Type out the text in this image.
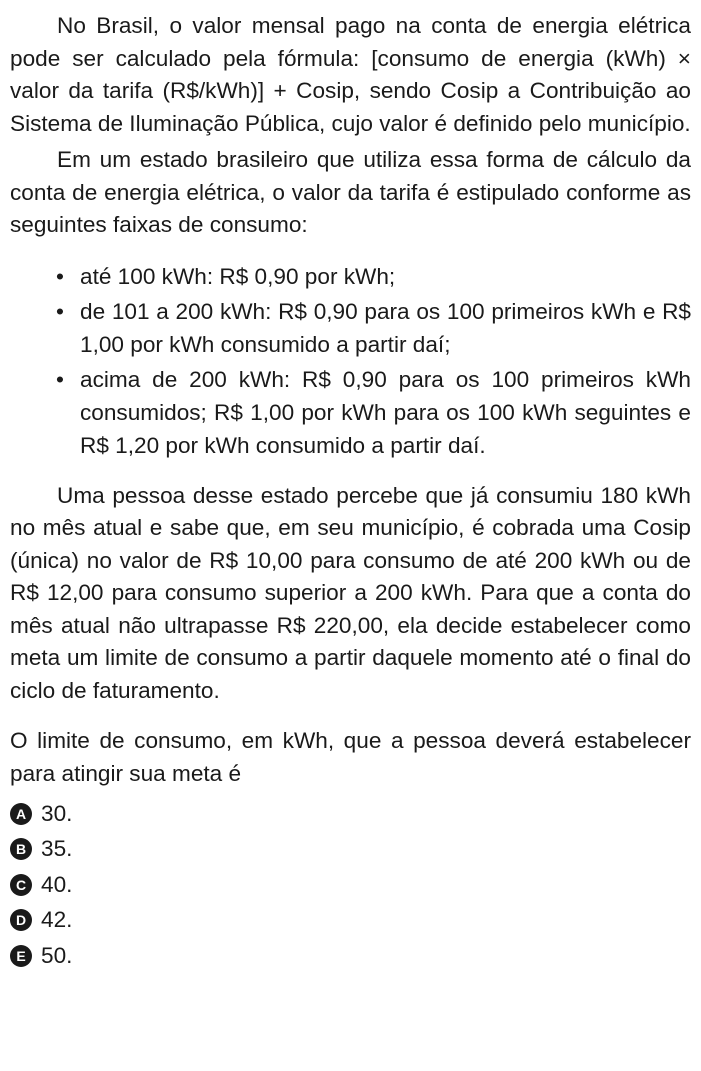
No Brasil, o valor mensal pago na conta de energia elétrica pode ser calculado pela fórmula: [consumo de energia (kWh) × valor da tarifa (R$/kWh)] + Cosip, sendo Cosip a Contribuição ao Sistema de Iluminação Pública, cujo valor é definido pelo município.

Em um estado brasileiro que utiliza essa forma de cálculo da conta de energia elétrica, o valor da tarifa é estipulado conforme as seguintes faixas de consumo:

• até 100 kWh: R$ 0,90 por kWh;
• de 101 a 200 kWh: R$ 0,90 para os 100 primeiros kWh e R$ 1,00 por kWh consumido a partir daí;
• acima de 200 kWh: R$ 0,90 para os 100 primeiros kWh consumidos; R$ 1,00 por kWh para os 100 kWh seguintes e R$ 1,20 por kWh consumido a partir daí.

Uma pessoa desse estado percebe que já consumiu 180 kWh no mês atual e sabe que, em seu município, é cobrada uma Cosip (única) no valor de R$ 10,00 para consumo de até 200 kWh ou de R$ 12,00 para consumo superior a 200 kWh. Para que a conta do mês atual não ultrapasse R$ 220,00, ela decide estabelecer como meta um limite de consumo a partir daquele momento até o final do ciclo de faturamento.

O limite de consumo, em kWh, que a pessoa deverá estabelecer para atingir sua meta é

A 30.
B 35.
C 40.
D 42.
E 50.
